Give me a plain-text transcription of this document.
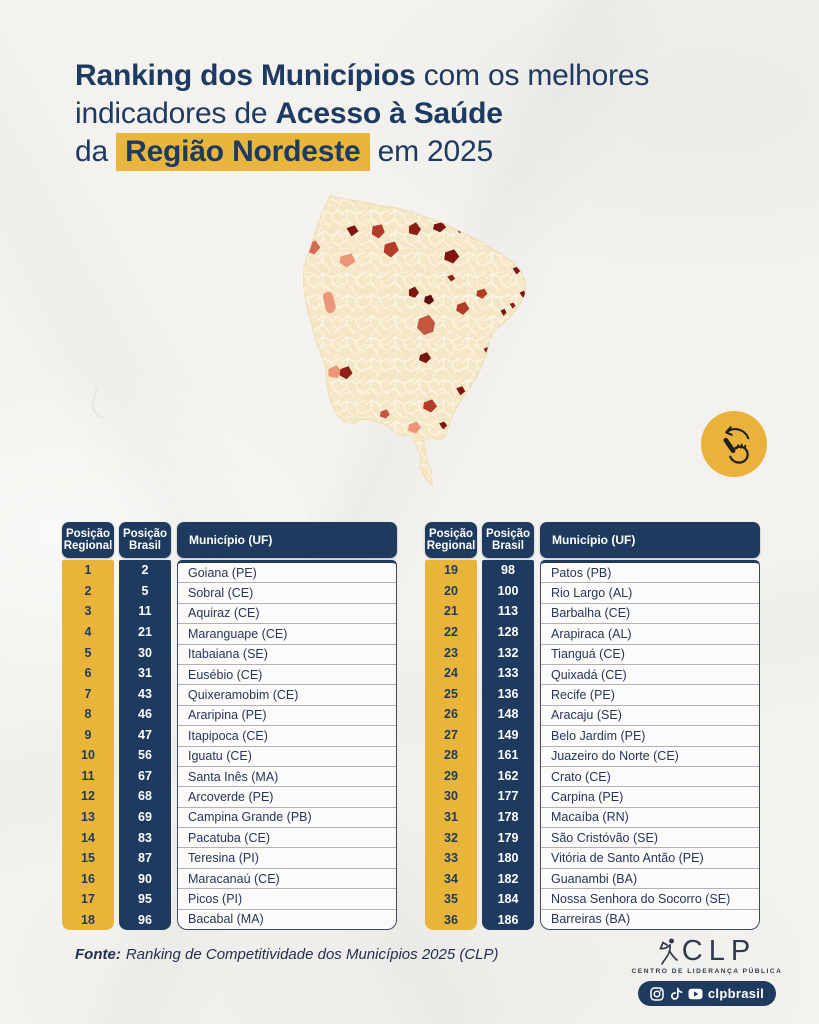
Ranking dos Municípios com os melhores
indicadores de Acesso à Saúde
da Região Nordeste em 2025
Posição Regional
1
2
3
4
5
6
7
8
9
10
11
12
13
14
15
16
17
18
Posição Brasil
2
5
11
21
30
31
43
46
47
56
67
68
69
83
87
90
95
96
Município (UF)
Goiana (PE)
Sobral (CE)
Aquiraz (CE)
Maranguape (CE)
Itabaiana (SE)
Eusébio (CE)
Quixeramobim (CE)
Araripina (PE)
Itapipoca (CE)
Iguatu (CE)
Santa Inês (MA)
Arcoverde (PE)
Campina Grande (PB)
Pacatuba (CE)
Teresina (PI)
Maracanaú (CE)
Picos (PI)
Bacabal (MA)
Posição Regional
19
20
21
22
23
24
25
26
27
28
29
30
31
32
33
34
35
36
Posição Brasil
98
100
113
128
132
133
136
148
149
161
162
177
178
179
180
182
184
186
Município (UF)
Patos (PB)
Rio Largo (AL)
Barbalha (CE)
Arapiraca (AL)
Tianguá (CE)
Quixadá (CE)
Recife (PE)
Aracaju (SE)
Belo Jardim (PE)
Juazeiro do Norte (CE)
Crato (CE)
Carpina (PE)
Macaíba (RN)
São Cristóvão (SE)
Vitória de Santo Antão (PE)
Guanambi (BA)
Nossa Senhora do Socorro (SE)
Barreiras (BA)
Fonte: Ranking de Competitividade dos Municípios 2025 (CLP)	CLP
CENTRO DE LIDERANÇA PÚBLICA
clpbrasil
